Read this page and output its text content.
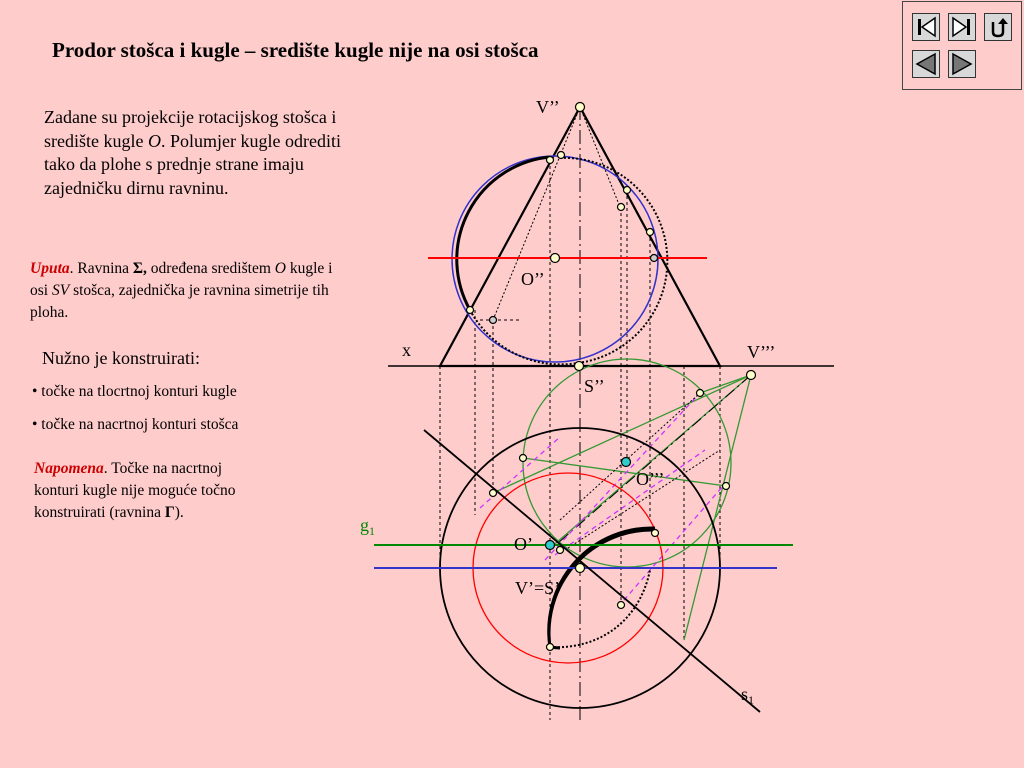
Prodor stošca i kugle – središte kugle nije na osi stošca
Zadane su projekcije rotacijskog stošca i središte kugle O. Polumjer kugle odrediti tako da plohe s prednje strane imaju zajedničku dirnu ravninu.
Uputa. Ravnina Σ, određena središtem O kugle i osi SV stošca, zajednička je ravnina simetrije tih ploha.
Nužno je konstruirati:
• točke na tlocrtnoj konturi kugle
• točke na nacrtnoj konturi stošca
Napomena. Točke na nacrtnoj konturi kugle nije moguće točno konstruirati (ravnina Γ).
V’’
O’’
x	V’’’
S’’
O’’’
$g_1$
O’
V’=S’
$s_1$
